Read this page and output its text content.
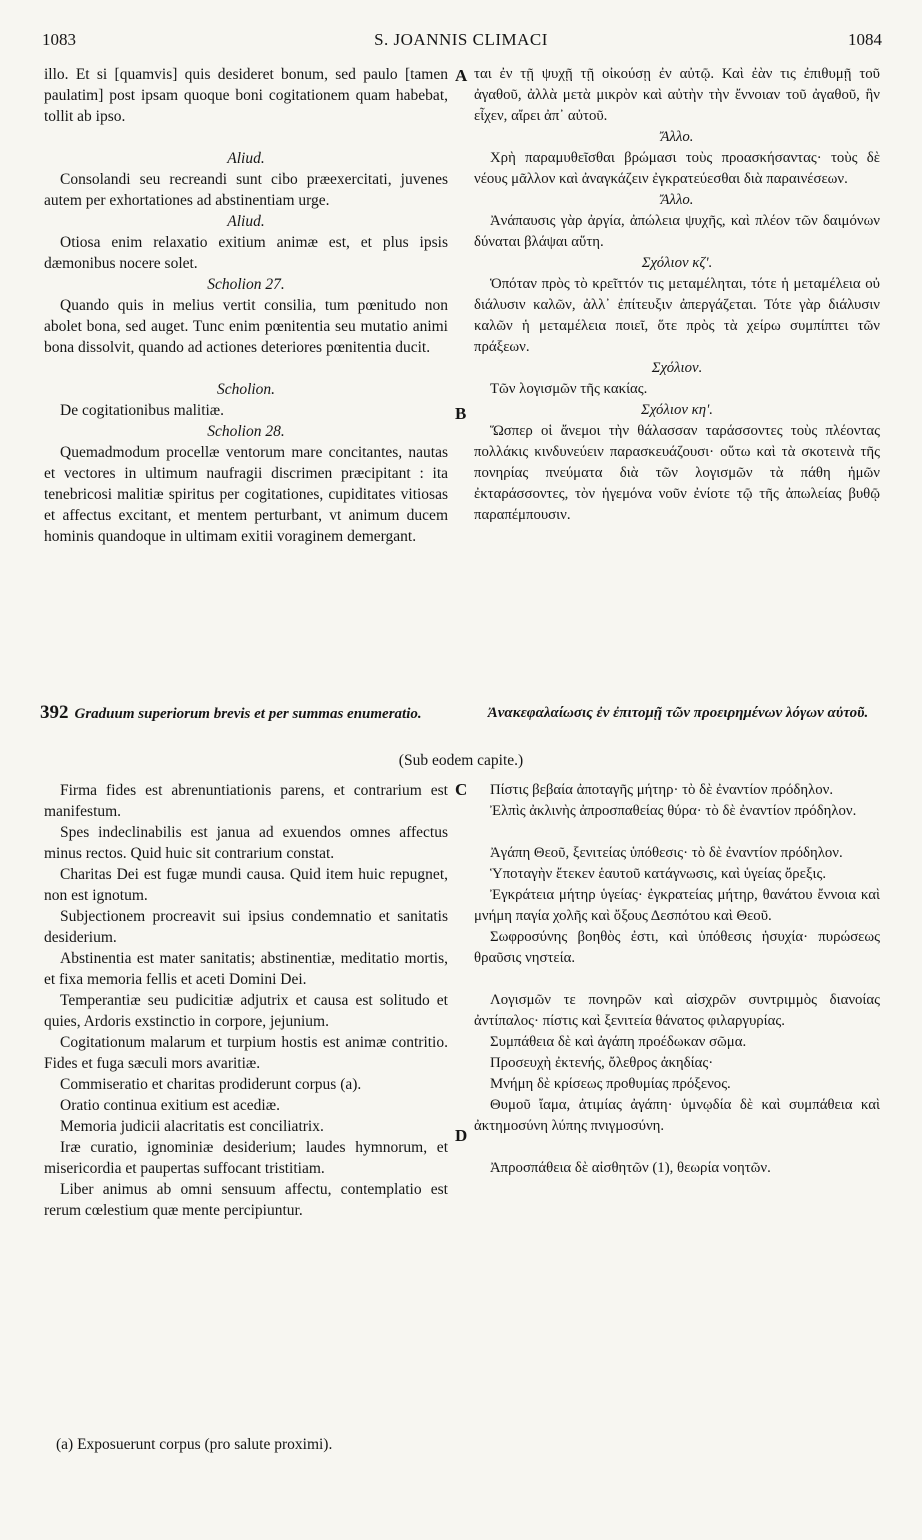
S. JOANNIS CLIMACI
1083	1084
A
B
C
D

illo. Et si [quamvis] quis desideret bonum, sed paulo [tamen paulatim] post ipsam quoque boni cogitationem quam habebat, tollit ab ipso.

Aliud.

Consolandi seu recreandi sunt cibo præexercitati, juvenes autem per exhortationes ad abstinentiam urge.

Aliud.

Otiosa enim relaxatio exitium animæ est, et plus ipsis dæmonibus nocere solet.

Scholion 27.

Quando quis in melius vertit consilia, tum pœnitudo non abolet bona, sed auget. Tunc enim pœnitentia seu mutatio animi bona dissolvit, quando ad actiones deteriores pœnitentia ducit.

Scholion.

De cogitationibus malitiæ.

Scholion 28.

Quemadmodum procellæ ventorum mare concitantes, nautas et vectores in ultimum naufragii discrimen præcipitant : ita tenebricosi malitiæ spiritus per cogitationes, cupiditates vitiosas et affectus excitant, et mentem perturbant, vt animum ducem hominis quandoque in ultimam exitii voraginem demergant.

ται ἐν τῇ ψυχῇ τῇ οἰκούσῃ ἐν αὐτῷ. Καὶ ἐὰν τις ἐπιθυμῇ τοῦ ἀγαθοῦ, ἀλλὰ μετὰ μικρὸν καὶ αὐτὴν τὴν ἔννοιαν τοῦ ἀγαθοῦ, ἣν εἶχεν, αἴρει ἀπ᾽ αὐτοῦ.

Ἄλλο.

Χρὴ παραμυθεῖσθαι βρώμασι τοὺς προασκήσαντας· τοὺς δὲ νέους μᾶλλον καὶ ἀναγκάζειν ἐγκρατεύεσθαι διὰ παραινέσεων.

Ἄλλο.

Ἀνάπαυσις γὰρ ἀργία, ἀπώλεια ψυχῆς, καὶ πλέον τῶν δαιμόνων δύναται βλάψαι αὕτη.

Σχόλιον κζ'.

Ὁπόταν πρὸς τὸ κρεῖττόν τις μεταμέληται, τότε ἡ μεταμέλεια οὐ διάλυσιν καλῶν, ἀλλ᾽ ἐπίτευξιν ἀπεργάζεται. Τότε γὰρ διάλυσιν καλῶν ἡ μεταμέλεια ποιεῖ, ὅτε πρὸς τὰ χείρω συμπίπτει τῶν πράξεων.

Σχόλιον.

Τῶν λογισμῶν τῆς κακίας.

Σχόλιον κη'.

Ὥσπερ οἱ ἄνεμοι τὴν θάλασσαν ταράσσοντες τοὺς πλέοντας πολλάκις κινδυνεύειν παρασκευάζουσι· οὕτω καὶ τὰ σκοτεινὰ τῆς πονηρίας πνεύματα διὰ τῶν λογισμῶν τὰ πάθη ἡμῶν ἐκταράσσοντες, τὸν ἡγεμόνα νοῦν ἐνίοτε τῷ τῆς ἀπωλείας βυθῷ παραπέμπουσιν.

392 Graduum superiorum brevis et per summas enumeratio.	Ἀνακεφαλαίωσις ἐν ἐπιτομῇ τῶν προειρημένων λόγων αὐτοῦ.
(Sub eodem capite.)

Firma fides est abrenuntiationis parens, et contrarium est manifestum.

Spes indeclinabilis est janua ad exuendos omnes affectus minus rectos. Quid huic sit contrarium constat.

Charitas Dei est fugæ mundi causa. Quid item huic repugnet, non est ignotum.

Subjectionem procreavit sui ipsius condemnatio et sanitatis desiderium.

Abstinentia est mater sanitatis; abstinentiæ, meditatio mortis, et fixa memoria fellis et aceti Domini Dei.

Temperantiæ seu pudicitiæ adjutrix et causa est solitudo et quies, Ardoris exstinctio in corpore, jejunium.

Cogitationum malarum et turpium hostis est animæ contritio. Fides et fuga sæculi mors avaritiæ.

Commiseratio et charitas prodiderunt corpus (a).

Oratio continua exitium est acediæ.

Memoria judicii alacritatis est conciliatrix.

Iræ curatio, ignominiæ desiderium; laudes hymnorum, et misericordia et paupertas suffocant tristitiam.

Liber animus ab omni sensuum affectu, contemplatio est rerum cœlestium quæ mente percipiuntur.

Πίστις βεβαία ἀποταγῆς μήτηρ· τὸ δὲ ἐναντίον πρόδηλον.

Ἐλπὶς ἀκλινὴς ἀπροσπαθείας θύρα· τὸ δὲ ἐναντίον πρόδηλον.

Ἀγάπη Θεοῦ, ξενιτείας ὑπόθεσις· τὸ δὲ ἐναντίον πρόδηλον.

Ὑποταγὴν ἔτεκεν ἑαυτοῦ κατάγνωσις, καὶ ὑγείας ὄρεξις.

Ἐγκράτεια μήτηρ ὑγείας· ἐγκρατείας μήτηρ, θανάτου ἔννοια καὶ μνήμη παγία χολῆς καὶ ὄξους Δεσπότου καὶ Θεοῦ.

Σωφροσύνης βοηθὸς ἐστι, καὶ ὑπόθεσις ἡσυχία· πυρώσεως θραῦσις νηστεία.

Λογισμῶν τε πονηρῶν καὶ αἰσχρῶν συντριμμὸς διανοίας ἀντίπαλος· πίστις καὶ ξενιτεία θάνατος φιλαργυρίας.

Συμπάθεια δὲ καὶ ἀγάπη προέδωκαν σῶμα.

Προσευχὴ ἐκτενής, ὄλεθρος ἀκηδίας·

Μνήμη δὲ κρίσεως προθυμίας πρόξενος.

Θυμοῦ ἴαμα, ἀτιμίας ἀγάπη· ὑμνῳδία δὲ καὶ συμπάθεια καὶ ἀκτημοσύνη λύπης πνιγμοσύνη.

Ἀπροσπάθεια δὲ αἰσθητῶν (1), θεωρία νοητῶν.

(a) Exposuerunt corpus (pro salute proximi).
